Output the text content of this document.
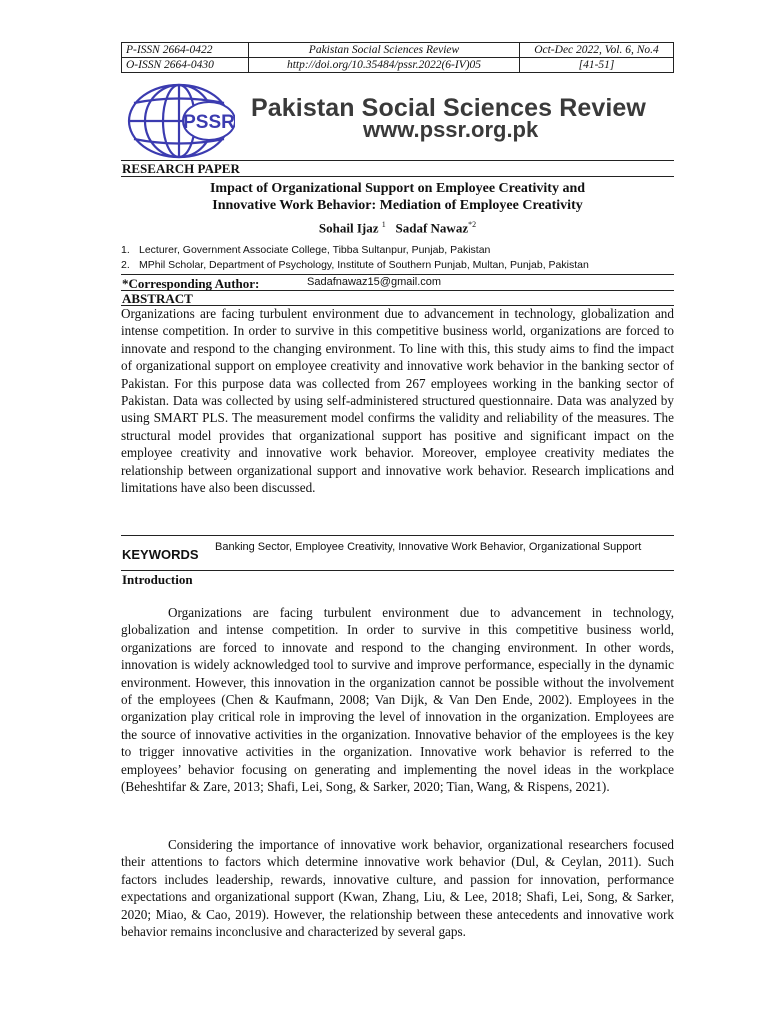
P-ISSN 2664-0422	Pakistan Social Sciences Review	Oct-Dec 2022, Vol. 6, No.4
O-ISSN 2664-0430	http://doi.org/10.35484/pssr.2022(6-IV)05	[41-51]
PSSR
Pakistan Social Sciences Review
www.pssr.org.pk
RESEARCH PAPER
Impact of Organizational Support on Employee Creativity and
Innovative Work Behavior: Mediation of Employee Creativity
Sohail Ijaz $^1$ Sadaf Nawaz$^{*2}$
1. Lecturer, Government Associate College, Tibba Sultanpur, Punjab, Pakistan
2. MPhil Scholar, Department of Psychology, Institute of Southern Punjab, Multan, Punjab, Pakistan
*Corresponding Author:	Sadafnawaz15@gmail.com
ABSTRACT

Organizations are facing turbulent environment due to advancement in technology, globalization and intense competition. In order to survive in this competitive business world, organizations are forced to innovate and respond to the changing environment. To line with this, this study aims to find the impact of organizational support on employee creativity and innovative work behavior in the banking sector of Pakistan. For this purpose data was collected from 267 employees working in the banking sector of Pakistan. Data was collected by using self-administered structured questionnaire. Data was analyzed by using SMART PLS. The measurement model confirms the validity and reliability of the measures. The structural model provides that organizational support has positive and significant impact on the employee creativity and innovative work behavior. Moreover, employee creativity mediates the relationship between organizational support and innovative work behavior. Research implications and limitations have also been discussed.

KEYWORDS Banking Sector, Employee Creativity, Innovative Work Behavior, Organizational Support
Introduction

Organizations are facing turbulent environment due to advancement in technology, globalization and intense competition. In order to survive in this competitive business world, organizations are forced to innovate and respond to the changing environment. In other words, innovation is widely acknowledged tool to survive and improve performance, especially in the dynamic environment. However, this innovation in the organization cannot be possible without the involvement of the employees (Chen & Kaufmann, 2008; Van Dijk, & Van Den Ende, 2002). Employees in the organization play critical role in improving the level of innovation in the organization. Employees are the source of innovative activities in the organization. Innovative behavior of the employees is the key to trigger innovative activities in the organization. Innovative work behavior is referred to the employees’ behavior focusing on generating and implementing the novel ideas in the workplace (Beheshtifar & Zare, 2013; Shafi, Lei, Song, & Sarker, 2020; Tian, Wang, & Rispens, 2021).

Considering the importance of innovative work behavior, organizational researchers focused their attentions to factors which determine innovative work behavior (Dul, & Ceylan, 2011). Such factors includes leadership, rewards, innovative culture, and passion for innovation, performance expectations and organizational support (Kwan, Zhang, Liu, & Lee, 2018; Shafi, Lei, Song, & Sarker, 2020; Miao, & Cao, 2019). However, the relationship between these antecedents and innovative work behavior remains inconclusive and characterized by several gaps.
